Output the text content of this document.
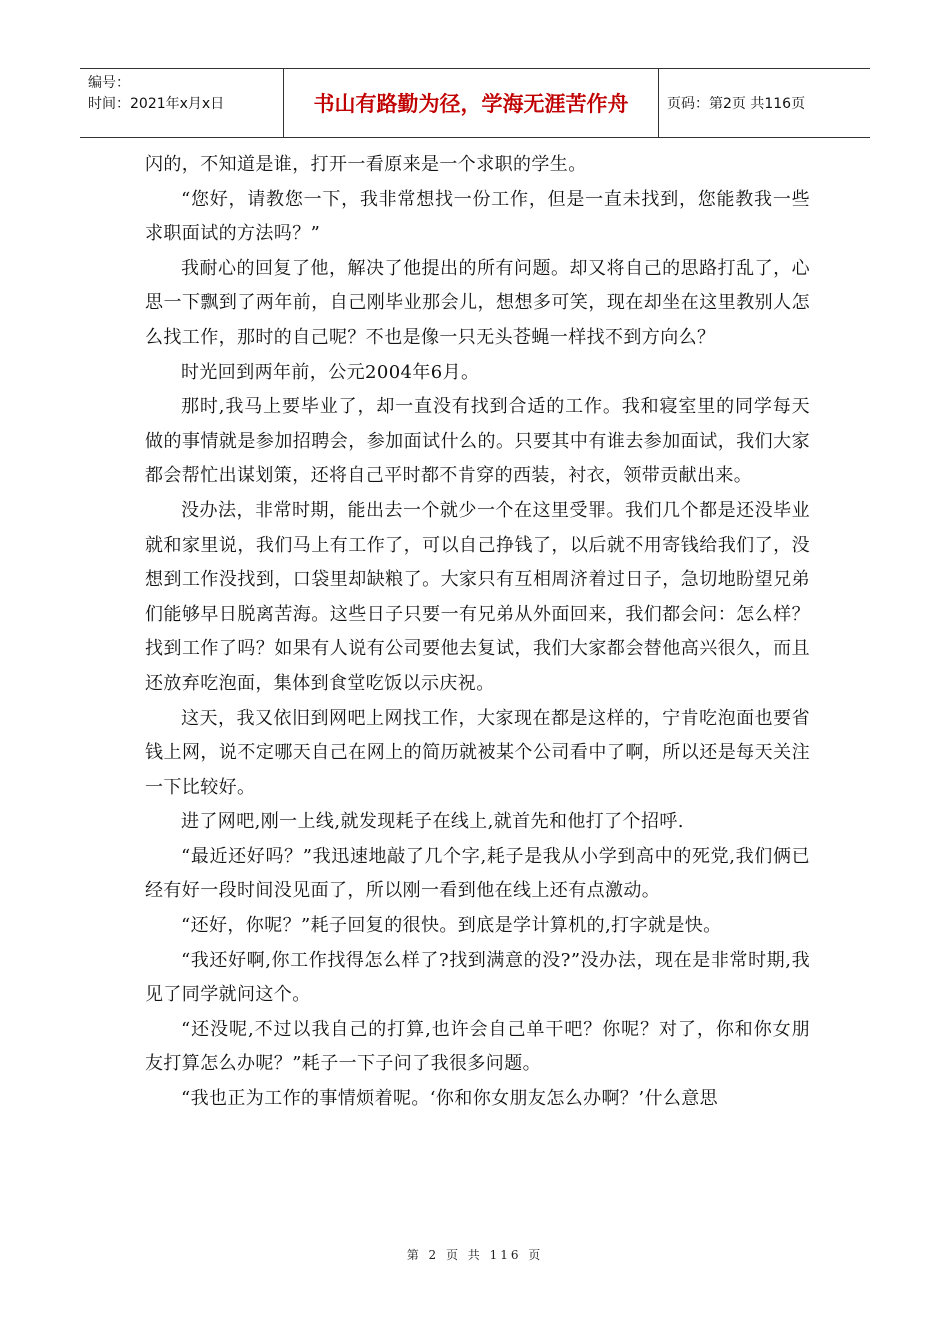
编号：
时间：2021年x月x日	书山有路勤为径，学海无涯苦作舟	页码：第2页 共116页

闪的，不知道是谁，打开一看原来是一个求职的学生。

“您好，请教您一下，我非常想找一份工作，但是一直未找到，您能教我一些求职面试的方法吗？”

我耐心的回复了他，解决了他提出的所有问题。却又将自己的思路打乱了，心思一下飘到了两年前，自己刚毕业那会儿，想想多可笑，现在却坐在这里教别人怎么找工作，那时的自己呢？不也是像一只无头苍蝇一样找不到方向么？

时光回到两年前，公元2004年6月。

那时,我马上要毕业了，却一直没有找到合适的工作。我和寝室里的同学每天做的事情就是参加招聘会，参加面试什么的。只要其中有谁去参加面试，我们大家都会帮忙出谋划策，还将自己平时都不肯穿的西装，衬衣，领带贡献出来。

没办法，非常时期，能出去一个就少一个在这里受罪。我们几个都是还没毕业就和家里说，我们马上有工作了，可以自己挣钱了，以后就不用寄钱给我们了，没想到工作没找到，口袋里却缺粮了。大家只有互相周济着过日子，急切地盼望兄弟们能够早日脱离苦海。这些日子只要一有兄弟从外面回来，我们都会问：怎么样？找到工作了吗？如果有人说有公司要他去复试，我们大家都会替他高兴很久，而且还放弃吃泡面，集体到食堂吃饭以示庆祝。

这天，我又依旧到网吧上网找工作，大家现在都是这样的，宁肯吃泡面也要省钱上网，说不定哪天自己在网上的简历就被某个公司看中了啊，所以还是每天关注一下比较好。

进了网吧,刚一上线,就发现耗子在线上,就首先和他打了个招呼.

“最近还好吗？”我迅速地敲了几个字,耗子是我从小学到高中的死党,我们俩已经有好一段时间没见面了，所以刚一看到他在线上还有点激动。

“还好，你呢？”耗子回复的很快。到底是学计算机的,打字就是快。

“我还好啊,你工作找得怎么样了?找到满意的没?”没办法，现在是非常时期,我见了同学就问这个。

“还没呢,不过以我自己的打算,也许会自己单干吧？你呢？对了，你和你女朋友打算怎么办呢？”耗子一下子问了我很多问题。

“我也正为工作的事情烦着呢。‘你和你女朋友怎么办啊？’什么意思

第 2 页 共 116 页
